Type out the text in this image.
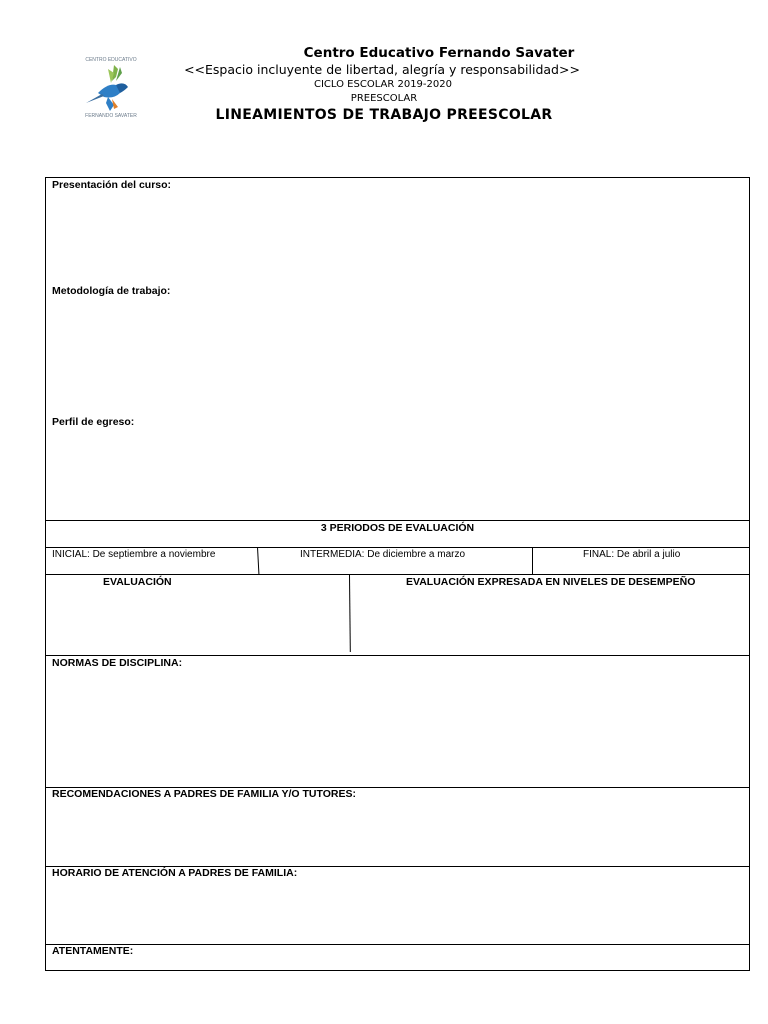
CENTRO EDUCATIVO
FERNANDO SAVATER
Centro Educativo Fernando Savater
<<Espacio incluyente de libertad, alegría y responsabilidad>>
CICLO ESCOLAR 2019-2020
PREESCOLAR
LINEAMIENTOS DE TRABAJO PREESCOLAR
Presentación del curso:
Metodología de trabajo:
Perfil de egreso:
3 PERIODOS DE EVALUACIÓN
INICIAL: De septiembre a noviembre	INTERMEDIA: De diciembre a marzo	FINAL: De abril a julio
EVALUACIÓN	EVALUACIÓN EXPRESADA EN NIVELES DE DESEMPEÑO
NORMAS DE DISCIPLINA:
RECOMENDACIONES A PADRES DE FAMILIA Y/O TUTORES:
HORARIO DE ATENCIÓN A PADRES DE FAMILIA:
ATENTAMENTE:
